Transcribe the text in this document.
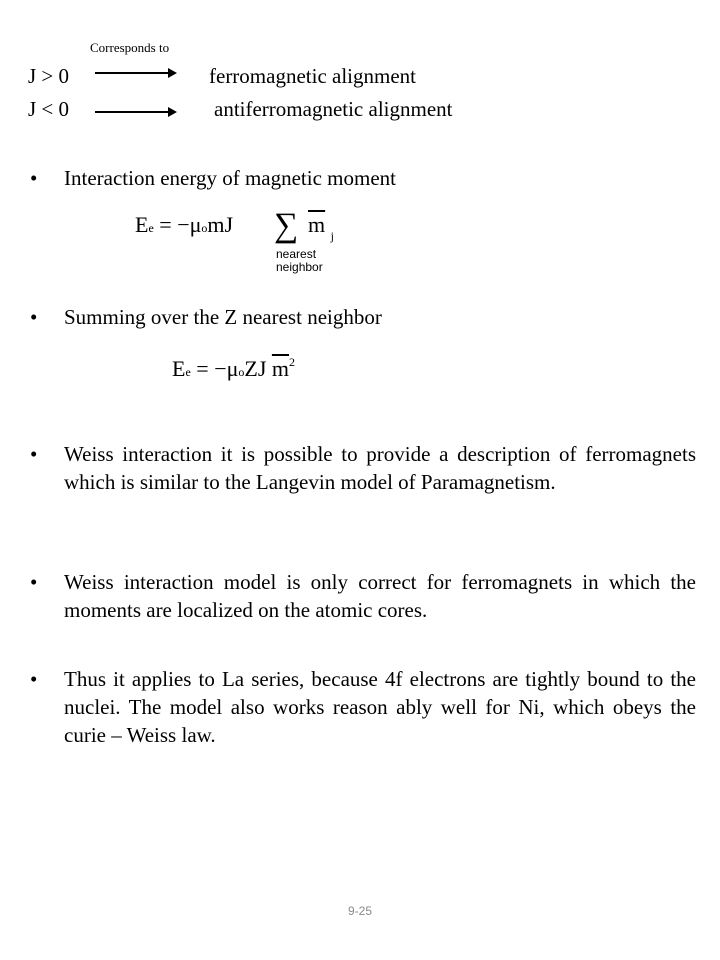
Corresponds to
J > 0	ferromagnetic alignment
J < 0	antiferromagnetic alignment
•	Interaction energy of magnetic moment
Ee = −μomJ ∑
nearest
neighbor
$\overline{m}$ $_j$
•	Summing over the Z nearest neighbor
Ee = −μoZJ $\overline{m}^2$
•	Weiss interaction it is possible to provide a description of ferromagnets which is similar to the Langevin model of Paramagnetism.
•	Weiss interaction model is only correct for ferromagnets in which the moments are localized on the atomic cores.
•	Thus it applies to La series, because 4f electrons are tightly bound to the nuclei. The model also works reason ably well for Ni, which obeys the curie – Weiss law.
9-25
